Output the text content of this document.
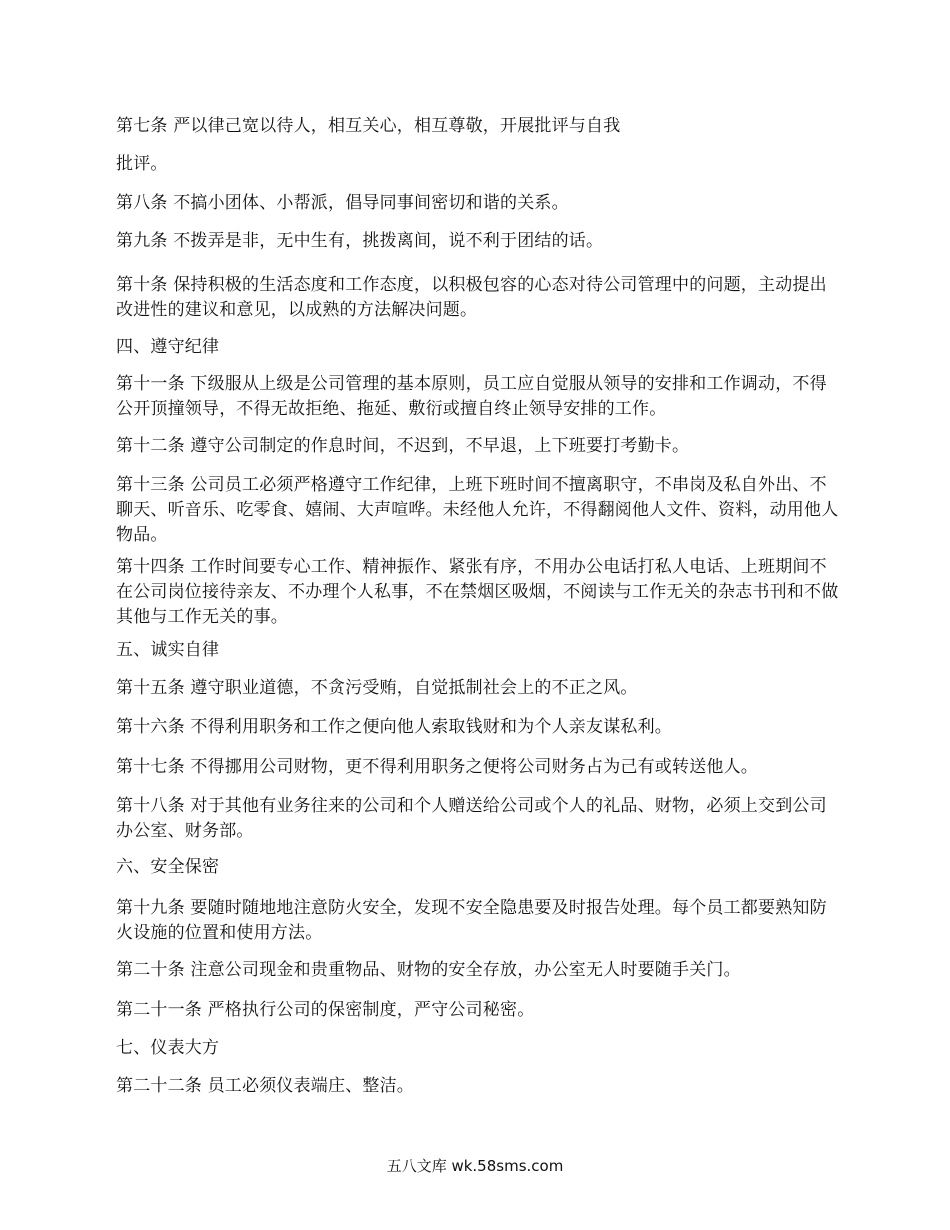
第七条 严以律己宽以待人，相互关心，相互尊敬，开展批评与自我

批评。

第八条 不搞小团体、小帮派，倡导同事间密切和谐的关系。

第九条 不拨弄是非，无中生有，挑拨离间，说不利于团结的话。

第十条 保持积极的生活态度和工作态度，以积极包容的心态对待公司管理中的问题，主动提出改进性的建议和意见，以成熟的方法解决问题。

四、遵守纪律

第十一条 下级服从上级是公司管理的基本原则，员工应自觉服从领导的安排和工作调动，不得公开顶撞领导，不得无故拒绝、拖延、敷衍或擅自终止领导安排的工作。

第十二条 遵守公司制定的作息时间，不迟到，不早退，上下班要打考勤卡。

第十三条 公司员工必须严格遵守工作纪律，上班下班时间不擅离职守，不串岗及私自外出、不聊天、听音乐、吃零食、嬉闹、大声喧哗。未经他人允许，不得翻阅他人文件、资料，动用他人物品。

第十四条 工作时间要专心工作、精神振作、紧张有序，不用办公电话打私人电话、上班期间不在公司岗位接待亲友、不办理个人私事，不在禁烟区吸烟，不阅读与工作无关的杂志书刊和不做其他与工作无关的事。

五、诚实自律

第十五条 遵守职业道德，不贪污受贿，自觉抵制社会上的不正之风。

第十六条 不得利用职务和工作之便向他人索取钱财和为个人亲友谋私利。

第十七条 不得挪用公司财物，更不得利用职务之便将公司财务占为己有或转送他人。

第十八条 对于其他有业务往来的公司和个人赠送给公司或个人的礼品、财物，必须上交到公司办公室、财务部。

六、安全保密

第十九条 要随时随地地注意防火安全，发现不安全隐患要及时报告处理。每个员工都要熟知防火设施的位置和使用方法。

第二十条 注意公司现金和贵重物品、财物的安全存放，办公室无人时要随手关门。

第二十一条 严格执行公司的保密制度，严守公司秘密。

七、仪表大方

第二十二条 员工必须仪表端庄、整洁。

五八文库 wk.58sms.com
